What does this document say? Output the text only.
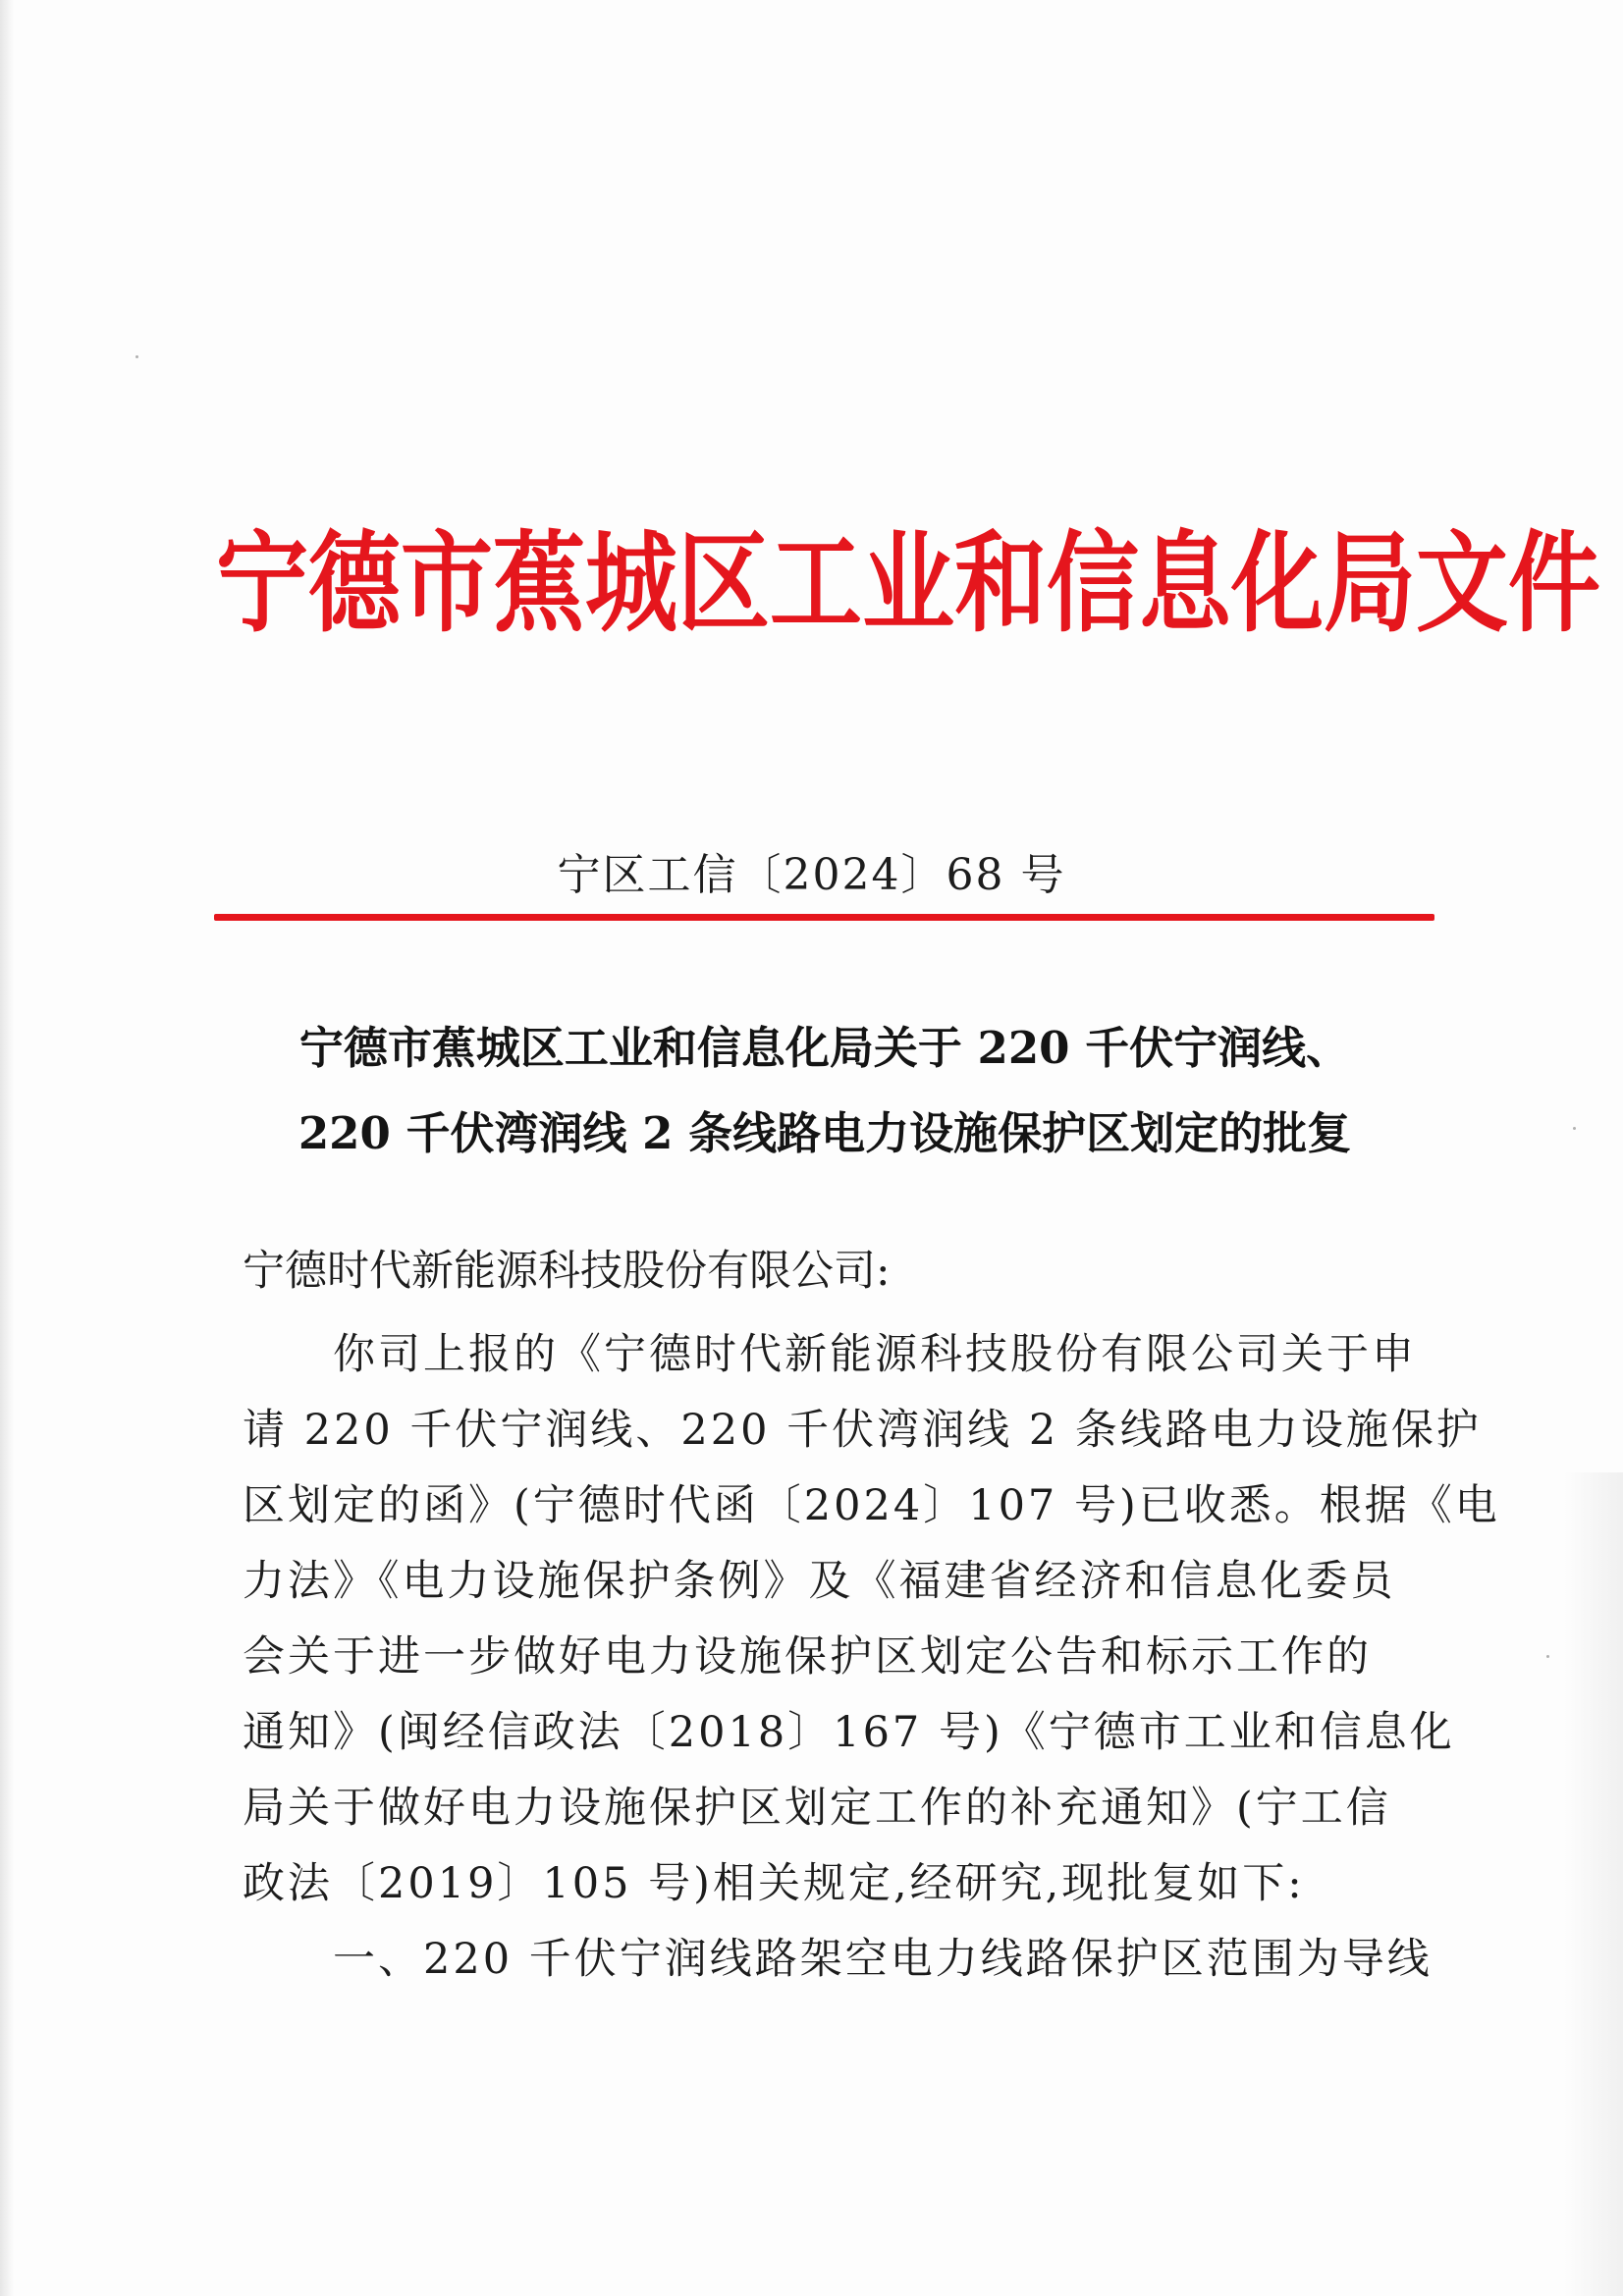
宁德市蕉城区工业和信息化局文件
宁区工信〔2024〕68 号
宁德市蕉城区工业和信息化局关于 220 千伏宁润线、
220 千伏湾润线 2 条线路电力设施保护区划定的批复
宁德时代新能源科技股份有限公司:
你司上报的《宁德时代新能源科技股份有限公司关于申
请 220 千伏宁润线、220 千伏湾润线 2 条线路电力设施保护
区划定的函》(宁德时代函〔2024〕107 号)已收悉。根据《电
力法》《电力设施保护条例》及《福建省经济和信息化委员
会关于进一步做好电力设施保护区划定公告和标示工作的
通知》(闽经信政法〔2018〕167 号)《宁德市工业和信息化
局关于做好电力设施保护区划定工作的补充通知》(宁工信
政法〔2019〕105 号)相关规定,经研究,现批复如下:
一、220 千伏宁润线路架空电力线路保护区范围为导线
